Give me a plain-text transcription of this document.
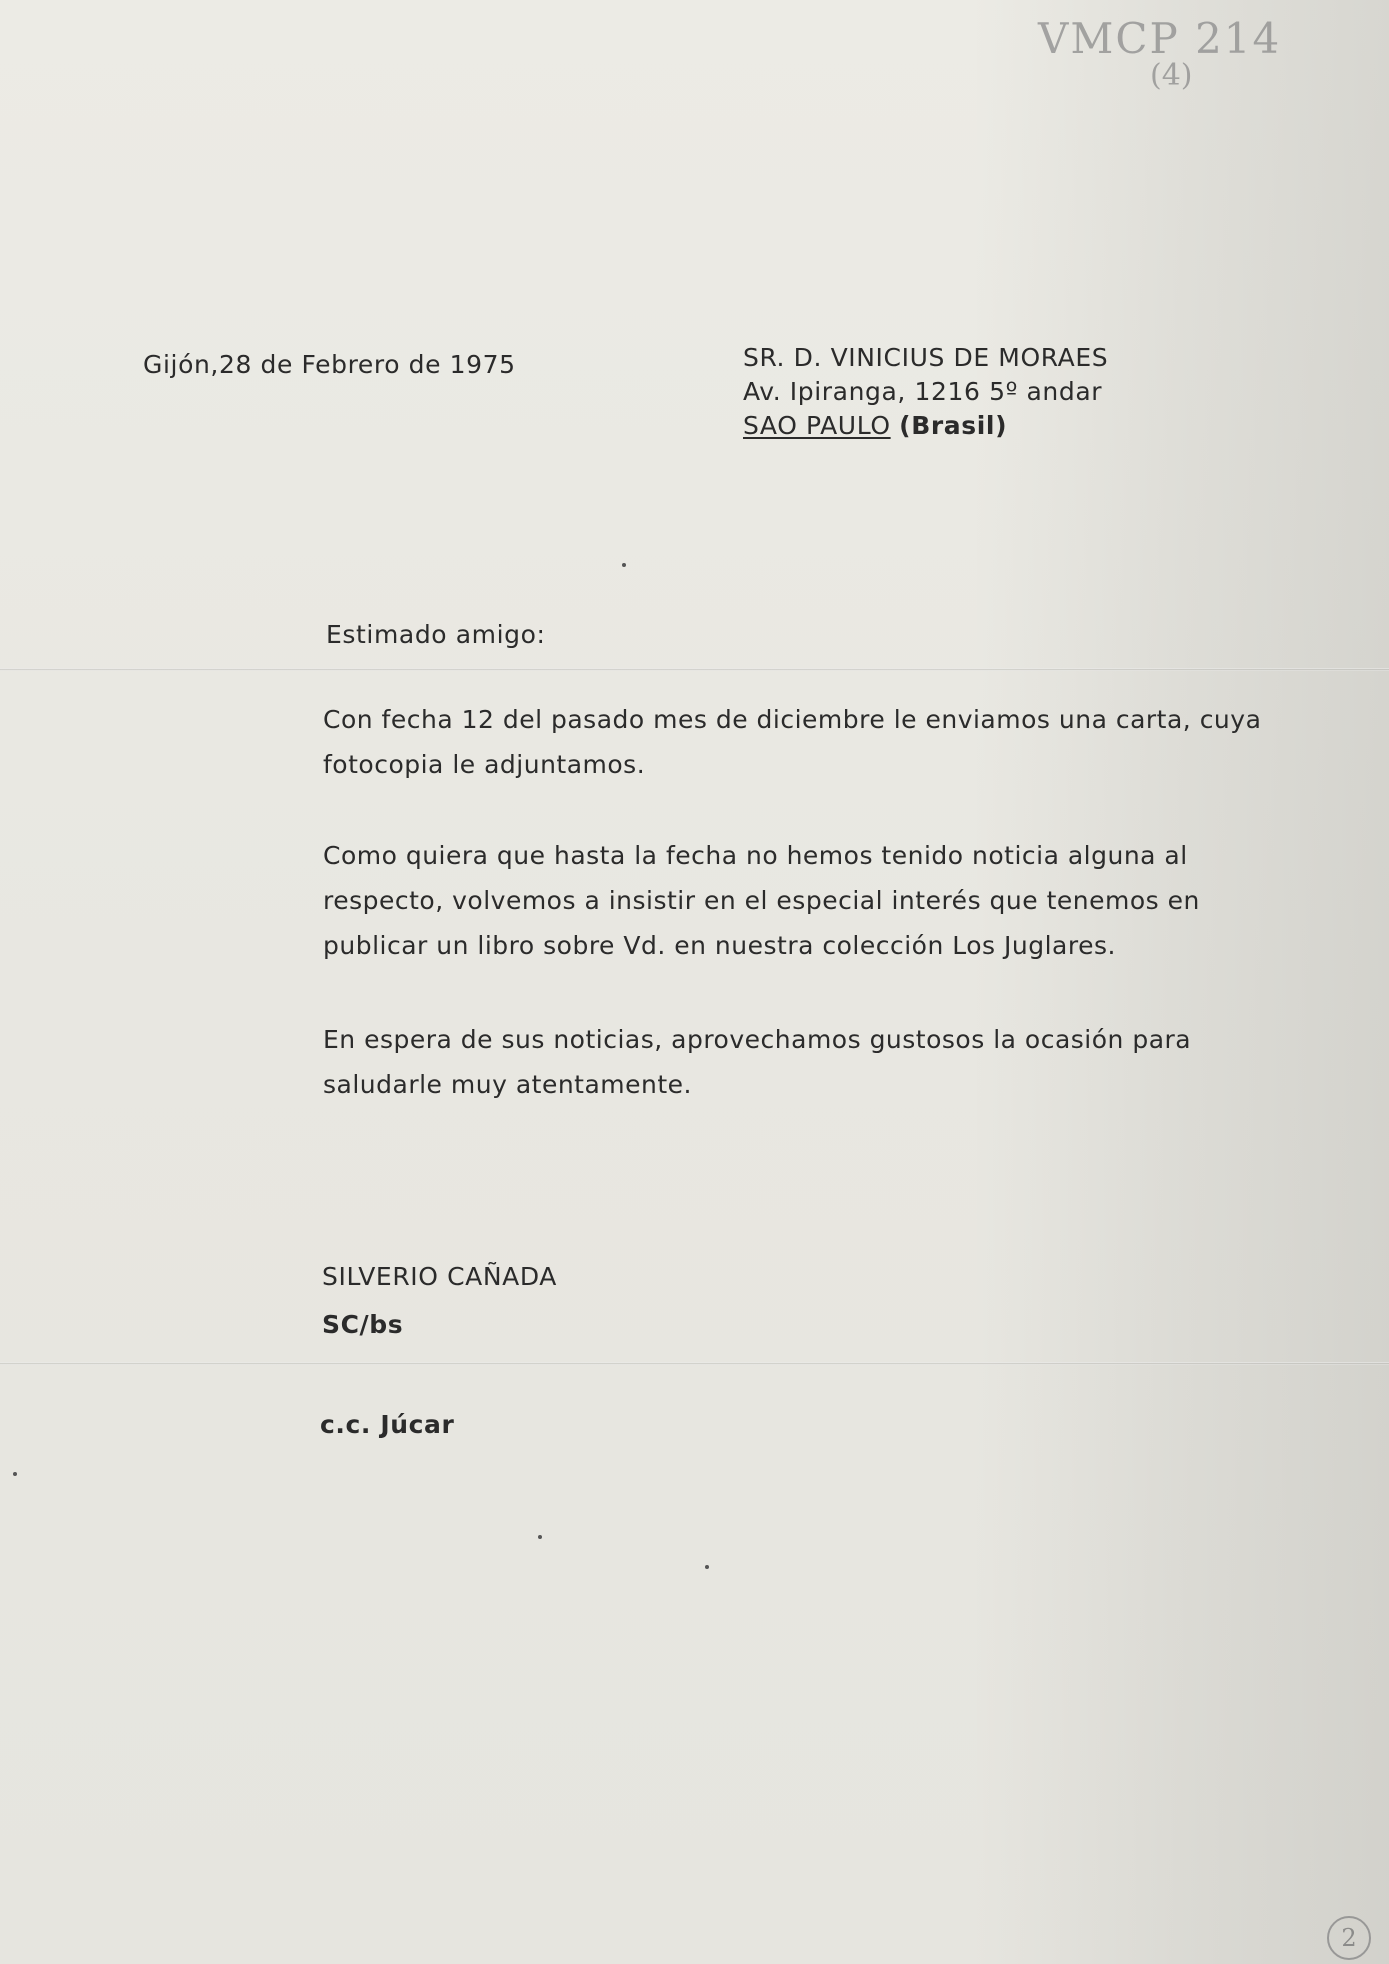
VMCP 214
(4)
Gijón,28 de Febrero de 1975	SR. D. VINICIUS DE MORAES
Av. Ipiranga, 1216 5º andar
SAO PAULO (Brasil)
Estimado amigo:
Con fecha 12 del pasado mes de diciembre le enviamos una carta, cuya fotocopia le adjuntamos.
Como quiera que hasta la fecha no hemos tenido noticia alguna al respecto, volvemos a insistir en el especial interés que tenemos en publicar un libro sobre Vd. en nuestra colección Los Juglares.
En espera de sus noticias, aprovechamos gustosos la ocasión para saludarle muy atentamente.
SILVERIO CAÑADA
SC/bs
c.c. Júcar
2
